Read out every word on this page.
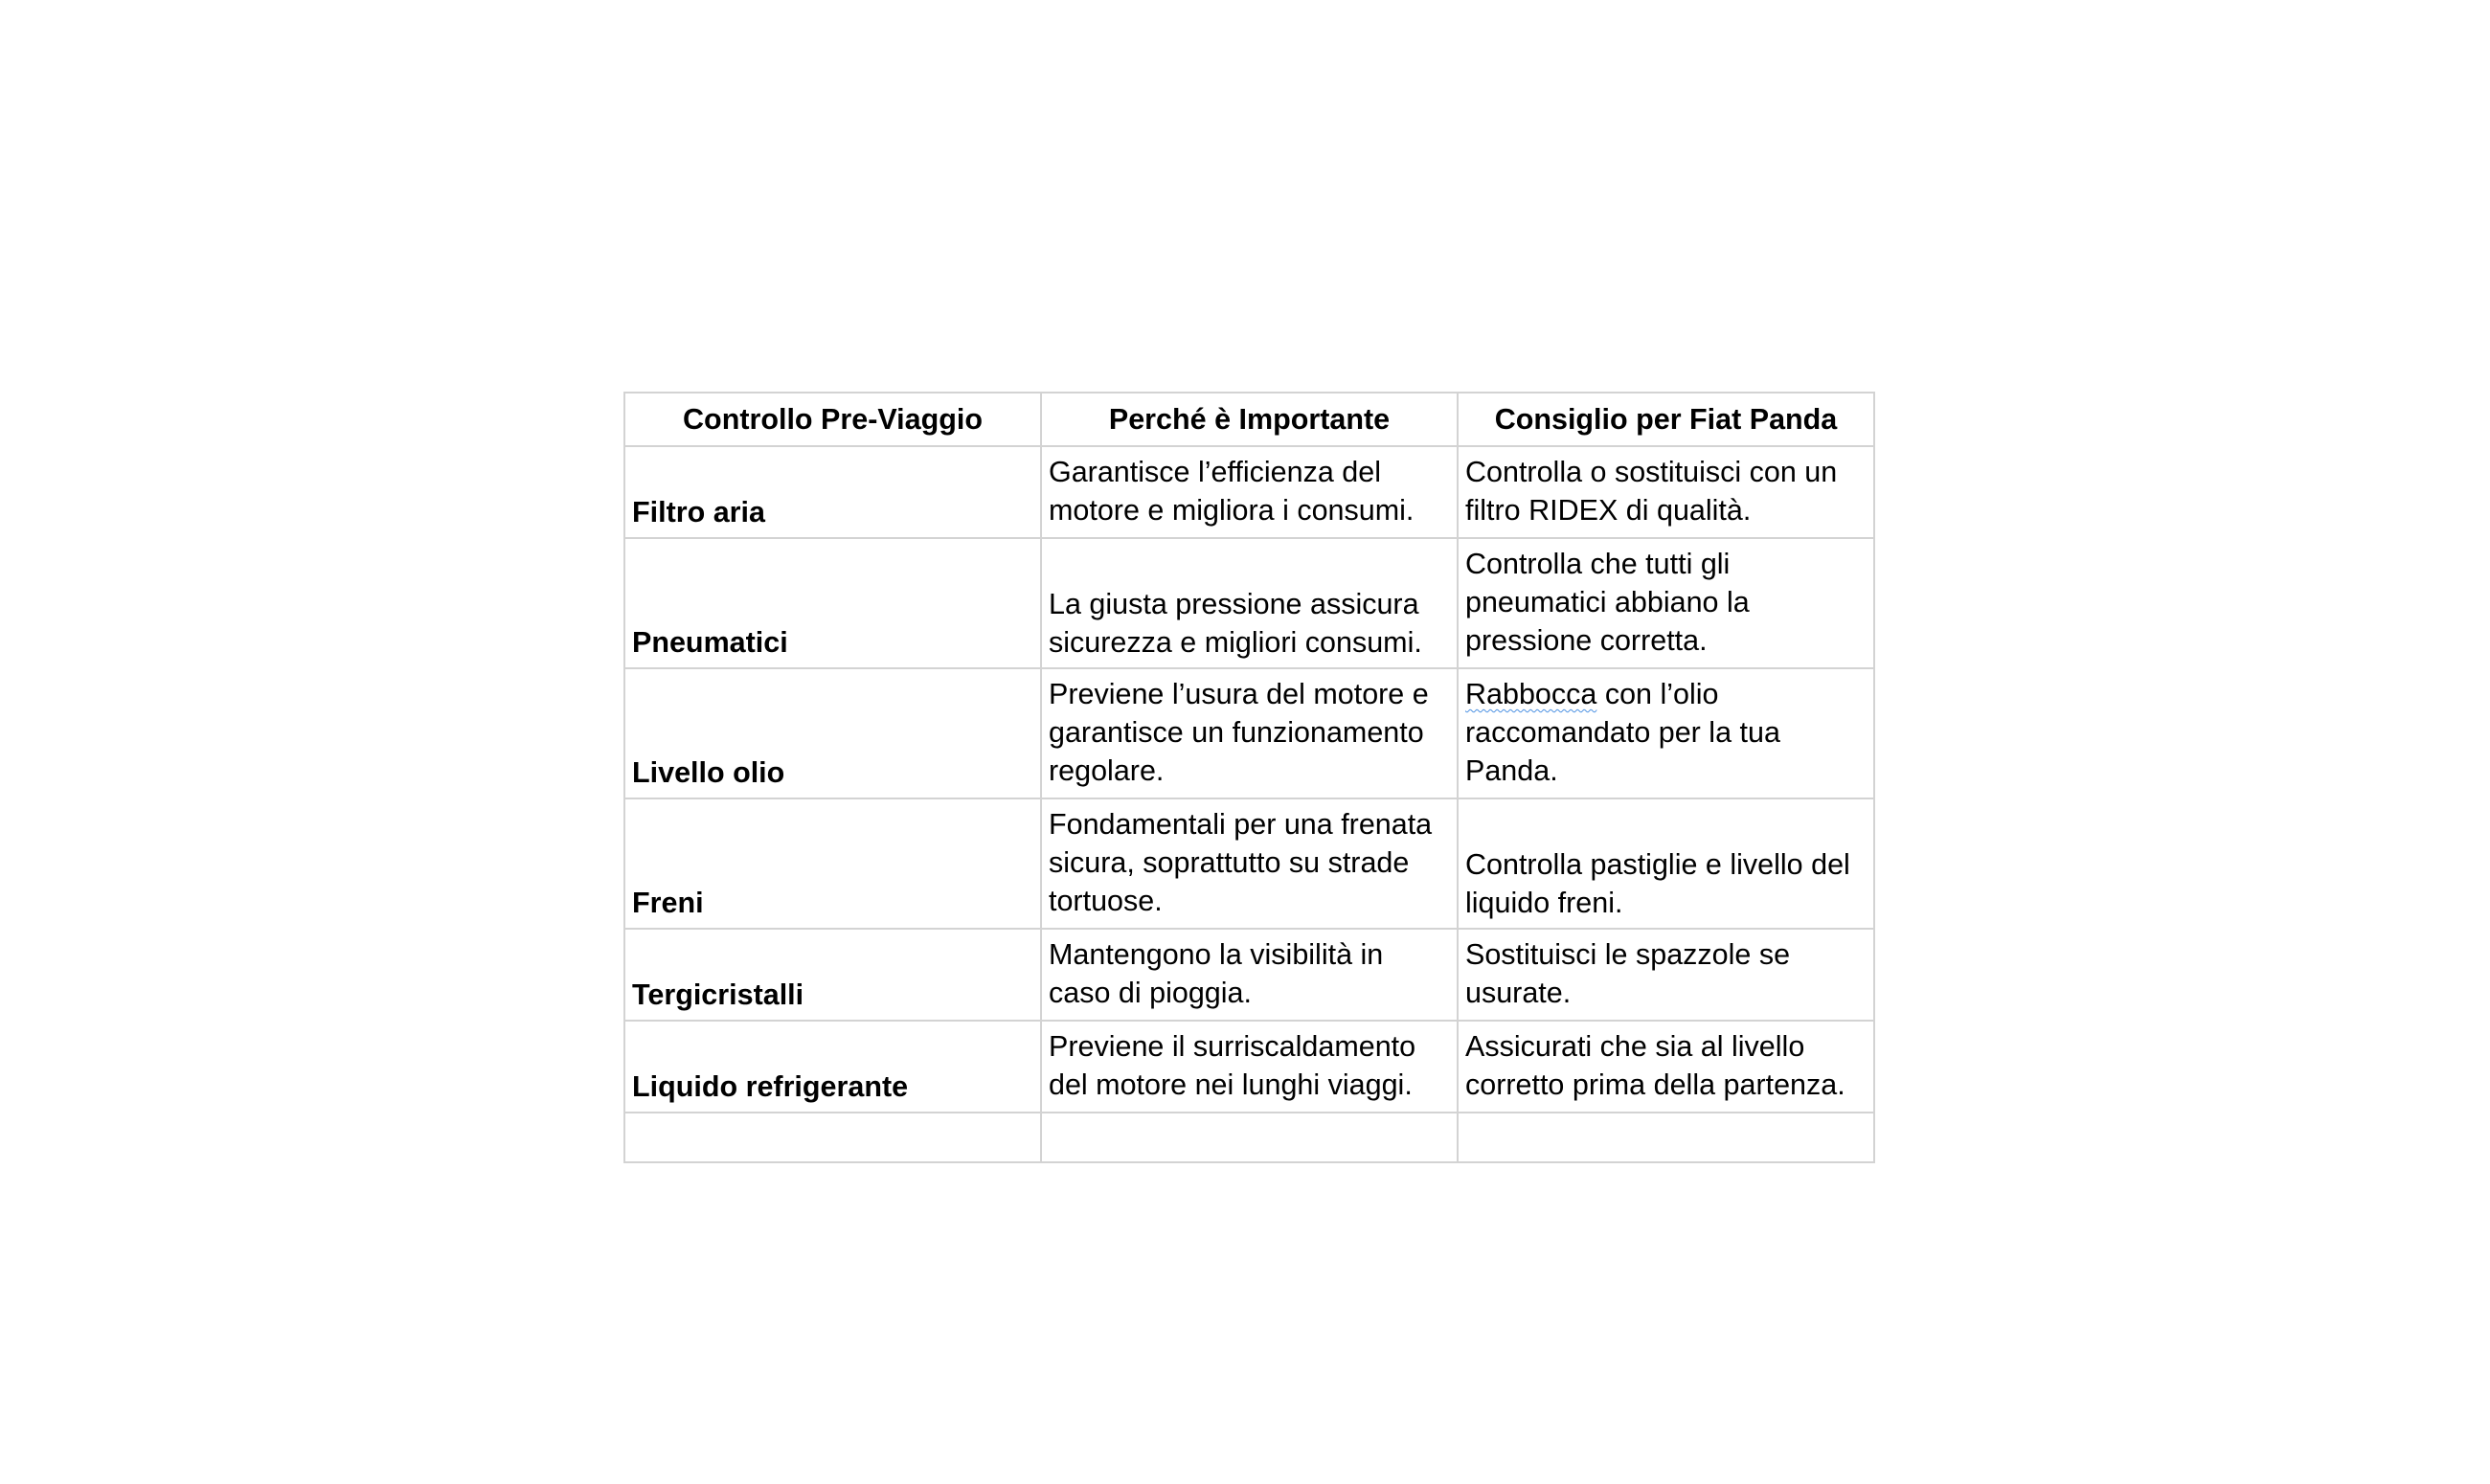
Controllo Pre-Viaggio	Perché è Importante	Consiglio per Fiat Panda
Filtro aria	Garantisce l’efficienza del motore e migliora i consumi.	Controlla o sostituisci con un filtro RIDEX di qualità.
Pneumatici	La giusta pressione assicura sicurezza e migliori consumi.	Controlla che tutti gli pneumatici abbiano la pressione corretta.
Livello olio	Previene l’usura del motore e garantisce un funzionamento regolare.	Rabbocca con l’olio raccomandato per la tua Panda.
Freni	Fondamentali per una frenata sicura, soprattutto su strade tortuose.	Controlla pastiglie e livello del liquido freni.
Tergicristalli	Mantengono la visibilità in caso di pioggia.	Sostituisci le spazzole se usurate.
Liquido refrigerante	Previene il surriscaldamento del motore nei lunghi viaggi.	Assicurati che sia al livello corretto prima della partenza.
